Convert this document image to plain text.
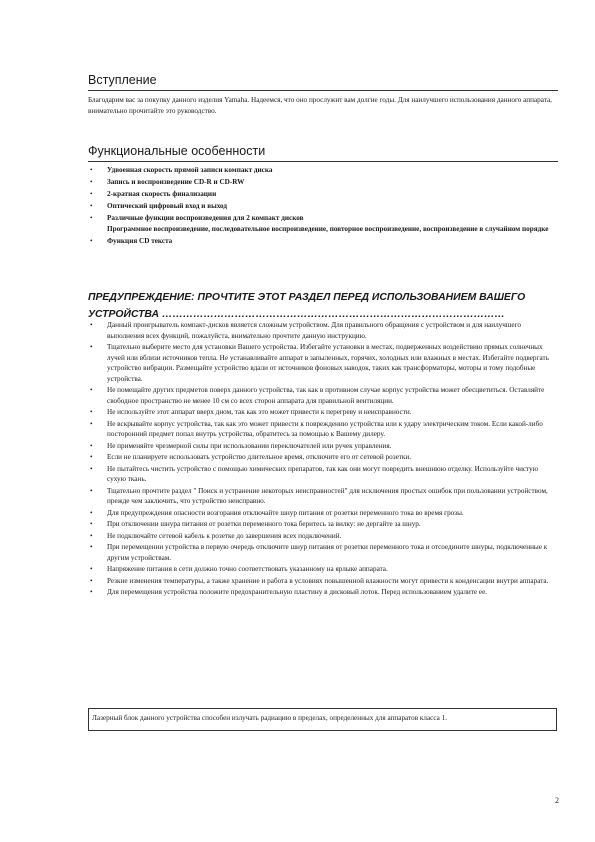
Вступление

Благодарим вас за покупку данного изделия Yamaha. Надеемся, что оно прослужит вам долгие годы. Для наилучшего использования данного аппарата, внимательно прочитайте это руководство.

Функциональные особенности
• Удвоенная скорость прямой записи компакт диска
• Запись и воспроизведение CD-R и CD-RW
• 2-кратная скорость финализации
• Оптический цифровый вход и выход
• Различные функции воспроизведения для 2 компакт дисков
Программное воспроизведение, последовательное воспроизведение, повторное воспроизведение, воспроизведение в случайном порядке
• Функция CD текста
ПРЕДУПРЕЖДЕНИЕ: ПРОЧТИТЕ ЭТОТ РАЗДЕЛ ПЕРЕД ИСПОЛЬЗОВАНИЕМ ВАШЕГО УСТРОЙСТВА ………………………………………………………………………………………
• Данный проигрыватель компакт-дисков является сложным устройством. Для правильного обращения с устройством и для наилучшего выполнения всех функций, пожалуйста, внимательно прочтите данную инструкцию.
• Тщательно выберите место для установки Вашего устройства. Избегайте установки в местах, подверженных воздействию прямых солнечных лучей или вблизи источников тепла. Не устанавливайте аппарат в запыленных, горячих, холодных или влажных в местах. Избегайте подвергать устройство вибрации. Размещайте устройство вдали от источников фоновых наводок, таких как трансформаторы, моторы и тому подобные устройства.
• Не помещайте других предметов поверх данного устройства, так как в противном случае корпус устройства может обесцветиться. Оставляйте свободное пространство не менее 10 см со всех сторон аппарата для правильной вентиляции.
• Не используйте этот аппарат вверх дном, так как это может привести к перегреву и неисправности.
• Не вскрывайте корпус устройства, так как это может привести к повреждению устройства или к удару электрическим током. Если какой-либо посторонний предмет попал внутрь устройства, обратитесь за помощью к Вашему дилеру.
• Не применяйте чрезмерной силы при использовании переключателей или ручек управления.
• Если не планируете использовать устройство длительное время, отключите его от сетевой розетки.
• Не пытайтесь чистить устройство с помощью химических препаратов, так как они могут повредить внешнюю отделку. Используйте чистую сухую ткань.
• Тщательно прочтите раздел " Поиск и устранение некоторых неисправностей" для исключения простых ошибок при пользовании устройством, прежде чем заключить, что устройство неисправно.
• Для предупреждения опасности возгорания отключайте шнур питания от розетки переменного тока во время грозы.
• При отключении шнура питания от розетки переменного тока беритесь за вилку: не дергайте за шнур.
• Не подключайте сетевой кабель к розетке до завершения всех подключений.
• При перемещении устройства в первую очередь отключите шнур питания от розетки переменного тока и отсоедините шнуры, подключенные к другим устройствам.
• Напряжение питания в сети должно точно соответствовать указанному на ярлыке аппарата.
• Резкие изменения температуры, а также хранение и работа в условиях повышенной влажности могут привести к конденсации внутри аппарата.
• Для перемещения устройства положите предохранительную пластину в дисковый лоток. Перед использованием удалите ее.
Лазерный блок данного устройства способен излучать радиацию в пределах, определенных для аппаратов класса 1.
2
